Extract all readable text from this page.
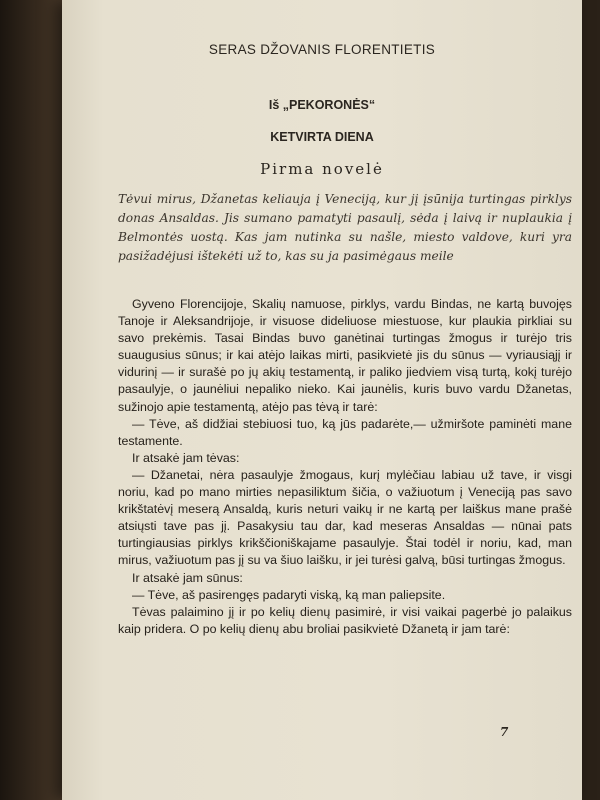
SERAS DŽOVANIS FLORENTIETIS
Iš „PEKORONĖS“
KETVIRTA DIENA
Pirma novelė
Tėvui mirus, Džanetas keliauja į Veneciją, kur jį įsūnija turtingas pirklys donas Ansaldas. Jis sumano pamatyti pasaulį, sėda į laivą ir nuplaukia į Belmontės uostą. Kas jam nutinka su našle, miesto valdove, kuri yra pasižadėjusi ištekėti už to, kas su ja pasimėgaus meile

Gyveno Florencijoje, Skalių namuose, pirklys, vardu Bindas, ne kartą buvojęs Tanoje ir Aleksandrijoje, ir visuose dideliuose miestuose, kur plaukia pirkliai su savo prekėmis. Tasai Bindas buvo ganėtinai turtingas žmogus ir turėjo tris suaugusius sūnus; ir kai atėjo laikas mirti, pasikvietė jis du sūnus — vyriausiąjį ir vidurinį — ir surašė po jų akių testamentą, ir paliko jiedviem visą turtą, kokį turėjo pasaulyje, o jaunėliui nepaliko nieko. Kai jaunėlis, kuris buvo vardu Džanetas, sužinojo apie testamentą, atėjo pas tėvą ir tarė:

— Tėve, aš didžiai stebiuosi tuo, ką jūs padarėte,— užmiršote paminėti mane testamente.

Ir atsakė jam tėvas:

— Džanetai, nėra pasaulyje žmogaus, kurį mylėčiau labiau už tave, ir visgi noriu, kad po mano mirties nepasiliktum šičia, o važiuotum į Veneciją pas savo krikštatėvį meserą Ansaldą, kuris neturi vaikų ir ne kartą per laiškus mane prašė atsiųsti tave pas jį. Pasakysiu tau dar, kad meseras Ansaldas — nūnai pats turtingiausias pirklys krikščioniškajame pasaulyje. Štai todėl ir noriu, kad, man mirus, važiuotum pas jį su va šiuo laišku, ir jei turėsi galvą, būsi turtingas žmogus.

Ir atsakė jam sūnus:

— Tėve, aš pasirengęs padaryti viską, ką man paliepsite.

Tėvas palaimino jį ir po kelių dienų pasimirė, ir visi vaikai pagerbė jo palaikus kaip pridera. O po kelių dienų abu broliai pasikvietė Džanetą ir jam tarė:

7
